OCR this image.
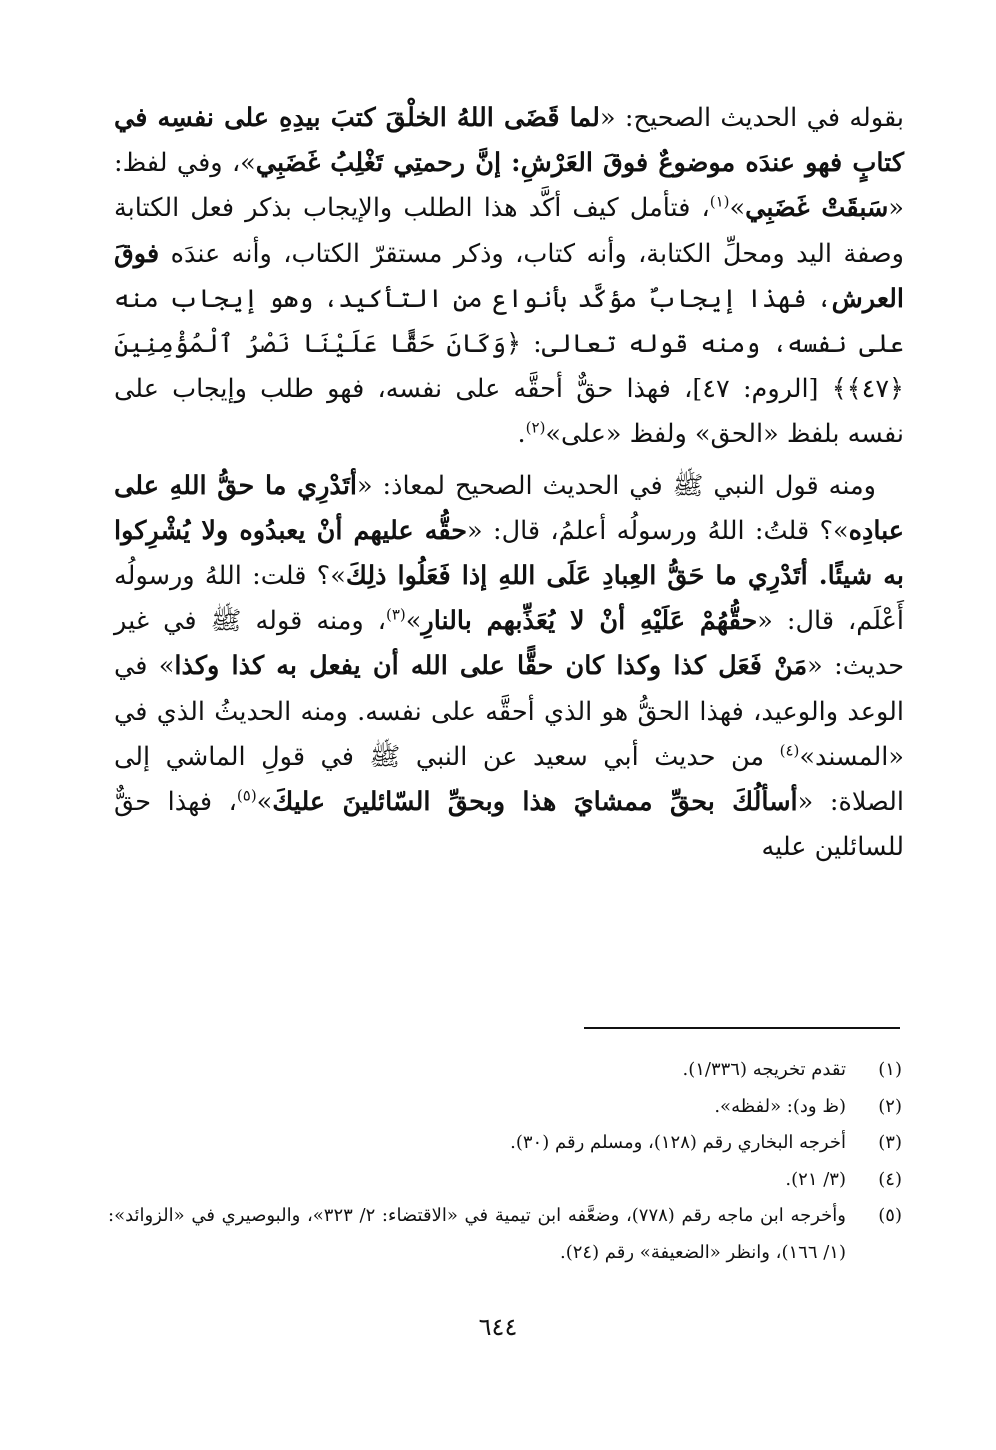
بقوله في الحديث الصحيح: «لما قَضَى اللهُ الخلْقَ كتبَ بيدِهِ على نفسِه في كتابٍ فهو عندَه موضوعٌ فوقَ العَرْشِ: إنَّ رحمتِي تَغْلِبُ غَضَبِي»، وفي لفظ: «سَبقَتْ غَضَبِي»$^{(١)}$، فتأمل كيف أكَّد هذا الطلب والإيجاب بذكر فعل الكتابة وصفة اليد ومحلِّ الكتابة، وأنه كتاب، وذكر مستقرّ الكتاب، وأنه عندَه فوقَ العرش، فهذا إيجابٌ مؤكَّد بأنواع من التأكيد، وهو إيجاب منه على نفسه، ومنه قوله تعالى: ﴿وَكَانَ حَقًّا عَلَيْنَا نَصْرُ ٱلْمُؤْمِنِينَ ﴿٤٧﴾﴾ [الروم: ٤٧]، فهذا حقٌّ أحقَّه على نفسه، فهو طلب وإيجاب على نفسه بلفظ «الحق» ولفظ «على»$^{(٢)}$.

ومنه قول النبي ﷺ في الحديث الصحيح لمعاذ: «أتَدْرِي ما حقُّ اللهِ على عبادِه»؟ قلتُ: اللهُ ورسولُه أعلمُ، قال: «حقُّه عليهم أنْ يعبدُوه ولا يُشْرِكوا به شيئًا. أتَدْرِي ما حَقُّ العِبادِ عَلَى اللهِ إذا فَعَلُوا ذلِكَ»؟ قلت: اللهُ ورسولُه أَعْلَم، قال: «حقُّهُمْ عَلَيْهِ أنْ لا يُعَذِّبهم بالنارِ»$^{(٣)}$، ومنه قوله ﷺ في غير حديث: «مَنْ فَعَل كذا وكذا كان حقًّا على الله أن يفعل به كذا وكذا» في الوعد والوعيد، فهذا الحقُّ هو الذي أحقَّه على نفسه. ومنه الحديثُ الذي في «المسند»$^{(٤)}$ من حديث أبي سعيد عن النبي ﷺ في قولِ الماشي إلى الصلاة: «أسألُكَ بحقِّ ممشايَ هذا وبحقِّ السّائلينَ عليكَ»$^{(٥)}$، فهذا حقٌّ للسائلين عليه

(١)
تقدم تخريجه (١/٣٣٦).
(٢)
(ظ ود): «لفظه».
(٣)
أخرجه البخاري رقم (١٢٨)، ومسلم رقم (٣٠).
(٤)
(٣/ ٢١).
(٥)
وأخرجه ابن ماجه رقم (٧٧٨)، وضعَّفه ابن تيمية في «الاقتضاء: ٢/ ٣٢٣»، والبوصيري في «الزوائد»: (١/ ١٦٦)، وانظر «الضعيفة» رقم (٢٤).
٦٤٤
